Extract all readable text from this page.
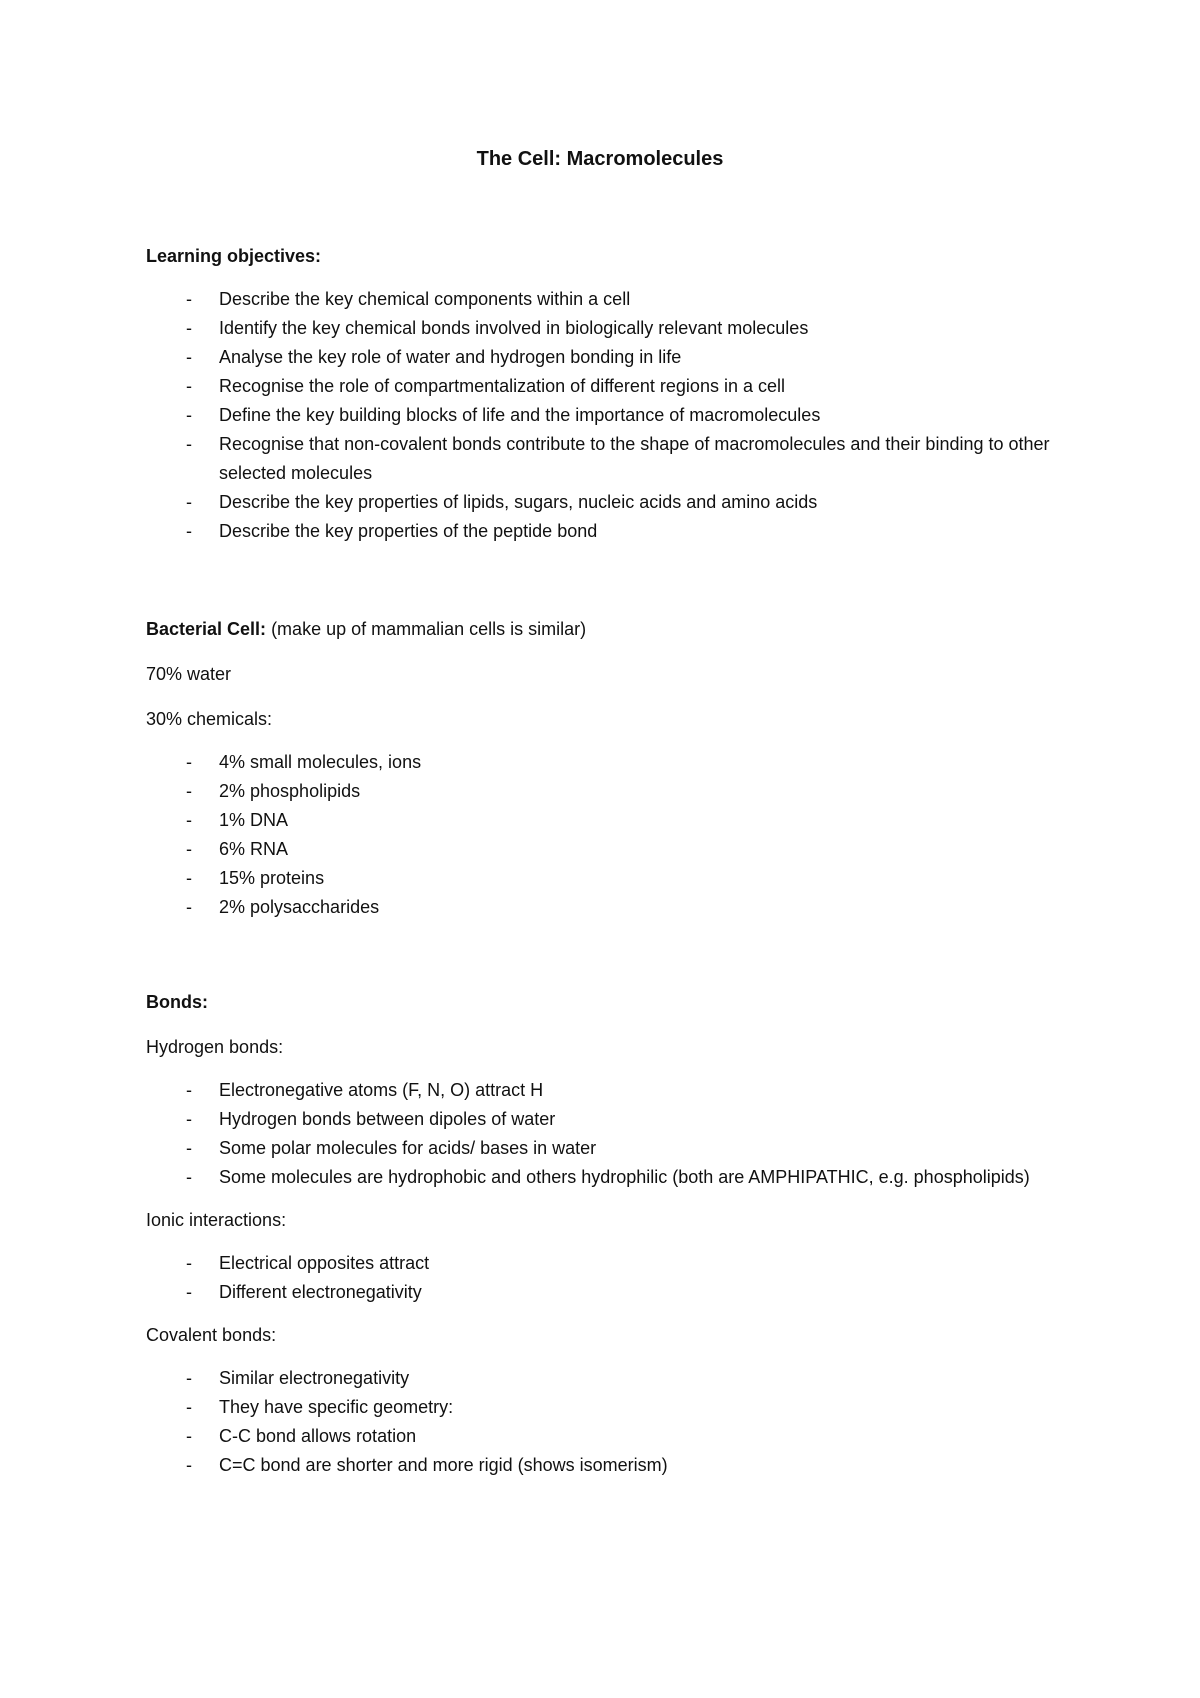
The Cell: Macromolecules

Learning objectives:

- Describe the key chemical components within a cell
- Identify the key chemical bonds involved in biologically relevant molecules
- Analyse the key role of water and hydrogen bonding in life
- Recognise the role of compartmentalization of different regions in a cell
- Define the key building blocks of life and the importance of macromolecules
- Recognise that non-covalent bonds contribute to the shape of macromolecules and their binding to other selected molecules
- Describe the key properties of lipids, sugars, nucleic acids and amino acids
- Describe the key properties of the peptide bond

Bacterial Cell: (make up of mammalian cells is similar)

70% water

30% chemicals:

- 4% small molecules, ions
- 2% phospholipids
- 1% DNA
- 6% RNA
- 15% proteins
- 2% polysaccharides

Bonds:

Hydrogen bonds:

- Electronegative atoms (F, N, O) attract H
- Hydrogen bonds between dipoles of water
- Some polar molecules for acids/ bases in water
- Some molecules are hydrophobic and others hydrophilic (both are AMPHIPATHIC, e.g. phospholipids)

Ionic interactions:

- Electrical opposites attract
- Different electronegativity

Covalent bonds:

- Similar electronegativity
- They have specific geometry:
- C-C bond allows rotation
- C=C bond are shorter and more rigid (shows isomerism)
